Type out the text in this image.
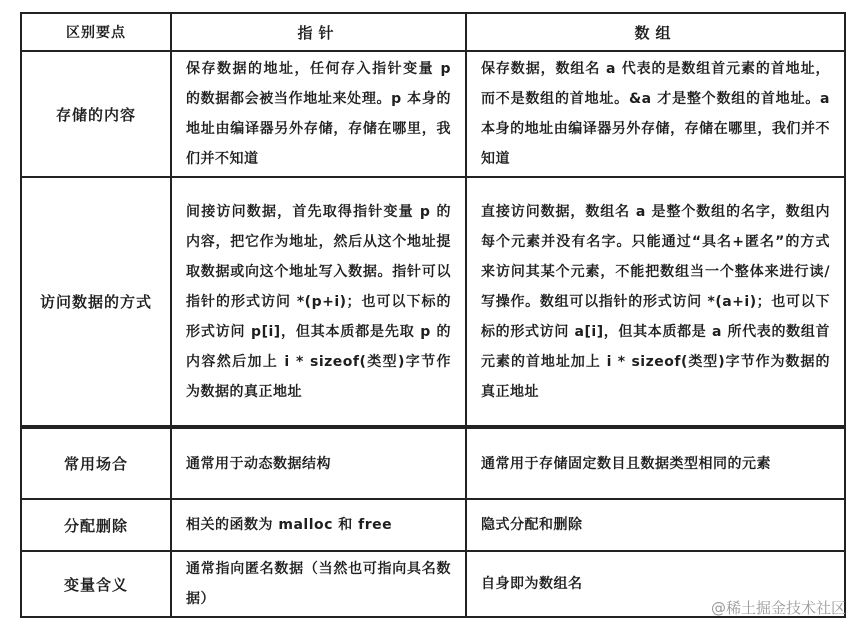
区别要点	指针	数组
存储的内容	保存数据的地址，任何存入指针变量 p 的数据都会被当作地址来处理。p 本身的地址由编译器另外存储，存储在哪里，我们并不知道	保存数据，数组名 a 代表的是数组首元素的首地址，而不是数组的首地址。&a 才是整个数组的首地址。a 本身的地址由编译器另外存储，存储在哪里，我们并不知道
访问数据的方式	间接访问数据，首先取得指针变量 p 的内容，把它作为地址，然后从这个地址提取数据或向这个地址写入数据。指针可以指针的形式访问 *(p+i)；也可以下标的形式访问 p[i]，但其本质都是先取 p 的内容然后加上 i * sizeof(类型)字节作为数据的真正地址	直接访问数据，数组名 a 是整个数组的名字，数组内每个元素并没有名字。只能通过“具名+匿名”的方式来访问其某个元素，不能把数组当一个整体来进行读/写操作。数组可以指针的形式访问 *(a+i)；也可以下标的形式访问 a[i]，但其本质都是 a 所代表的数组首元素的首地址加上 i * sizeof(类型)字节作为数据的真正地址
常用场合	通常用于动态数据结构	通常用于存储固定数目且数据类型相同的元素
分配删除	相关的函数为 malloc 和 free	隐式分配和删除
变量含义	通常指向匿名数据（当然也可指向具名数据）	自身即为数组名
@稀土掘金技术社区
